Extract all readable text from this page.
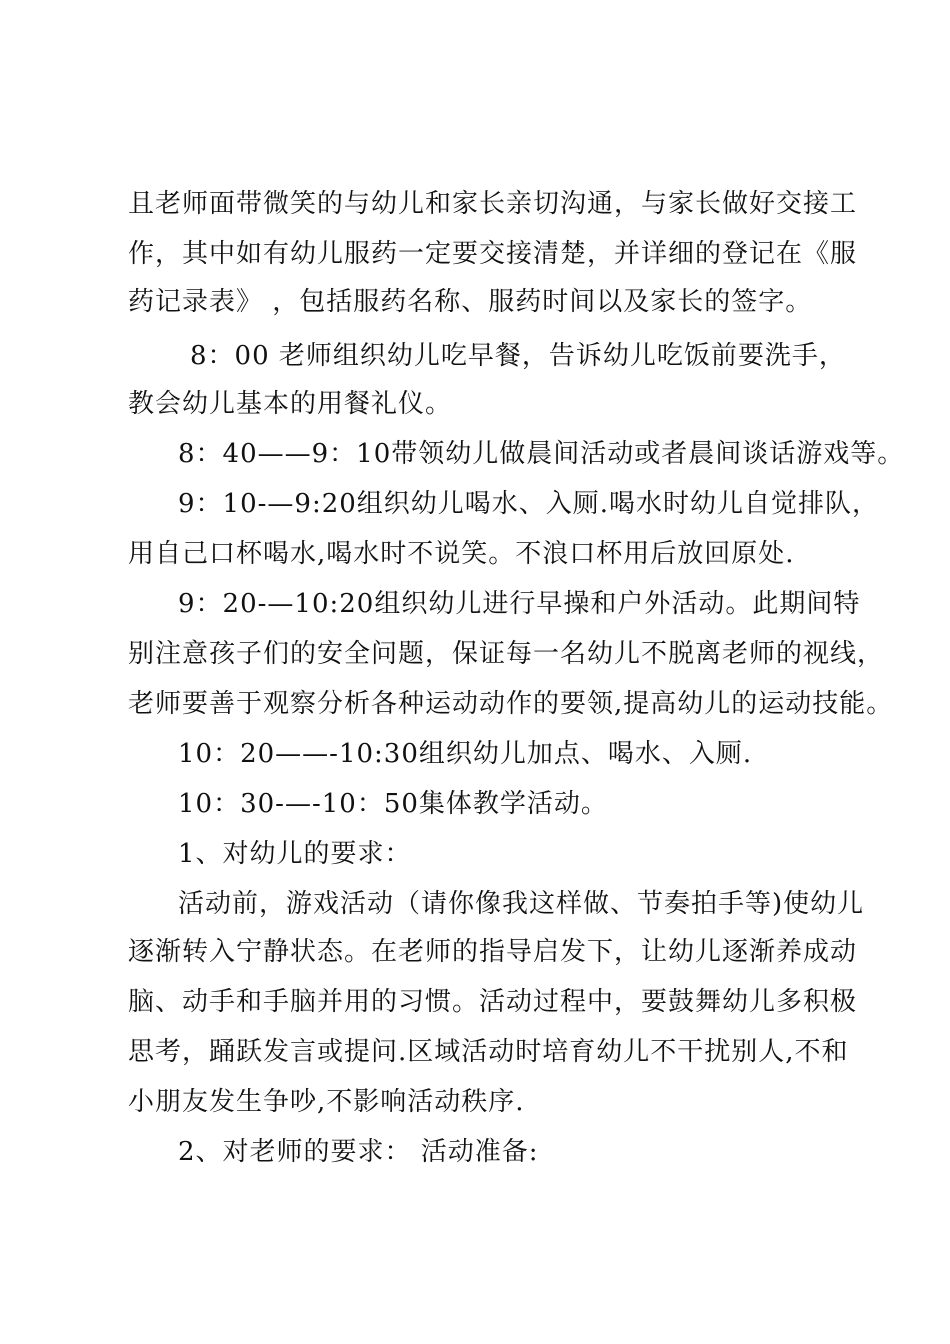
且老师面带微笑的与幼儿和家长亲切沟通，与家长做好交接工
作，其中如有幼儿服药一定要交接清楚，并详细的登记在《服
药记录表》 ，包括服药名称、服药时间以及家长的签字。
8：00 老师组织幼儿吃早餐，告诉幼儿吃饭前要洗手，
教会幼儿基本的用餐礼仪。
8：40——9：10带领幼儿做晨间活动或者晨间谈话游戏等。
9：10-—9:20组织幼儿喝水、入厕.喝水时幼儿自觉排队，
用自己口杯喝水,喝水时不说笑。不浪口杯用后放回原处.
9：20-—10:20组织幼儿进行早操和户外活动。此期间特
别注意孩子们的安全问题，保证每一名幼儿不脱离老师的视线，
老师要善于观察分析各种运动动作的要领,提高幼儿的运动技能。
10：20——-10:30组织幼儿加点、喝水、入厕.
10：30-—-10：50集体教学活动。
1、对幼儿的要求：
活动前，游戏活动（请你像我这样做、节奏拍手等)使幼儿
逐渐转入宁静状态。在老师的指导启发下，让幼儿逐渐养成动
脑、动手和手脑并用的习惯。活动过程中，要鼓舞幼儿多积极
思考，踊跃发言或提问.区域活动时培育幼儿不干扰别人,不和
小朋友发生争吵,不影响活动秩序.
2、对老师的要求： 活动准备:
